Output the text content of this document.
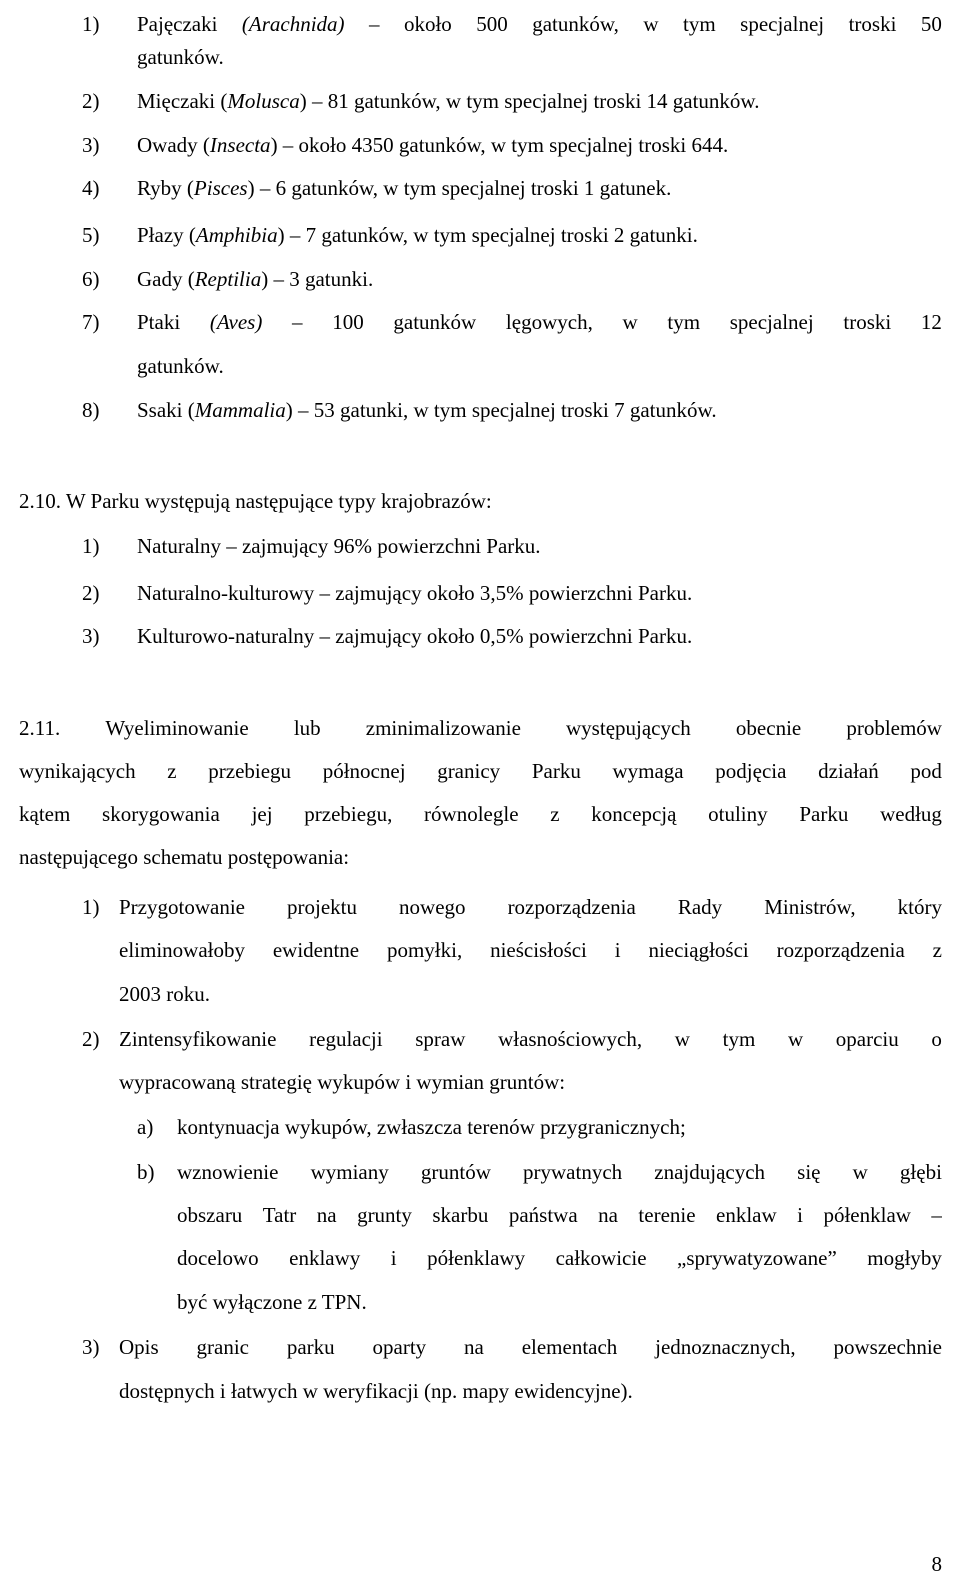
1) Pajęczaki (Arachnida) – około 500 gatunków, w tym specjalnej troski 50
gatunków.
2) Mięczaki (Molusca) – 81 gatunków, w tym specjalnej troski 14 gatunków.
3) Owady (Insecta) – około 4350 gatunków, w tym specjalnej troski 644.
4) Ryby (Pisces) – 6 gatunków, w tym specjalnej troski 1 gatunek.
5) Płazy (Amphibia) – 7 gatunków, w tym specjalnej troski 2 gatunki.
6) Gady (Reptilia) – 3 gatunki.
7) Ptaki (Aves) – 100 gatunków lęgowych, w tym specjalnej troski 12
gatunków.
8) Ssaki (Mammalia) – 53 gatunki, w tym specjalnej troski 7 gatunków.
2.10. W Parku występują następujące typy krajobrazów:
1) Naturalny – zajmujący 96% powierzchni Parku.
2) Naturalno-kulturowy – zajmujący około 3,5% powierzchni Parku.
3) Kulturowo-naturalny – zajmujący około 0,5% powierzchni Parku.
2.11. Wyeliminowanie lub zminimalizowanie występujących obecnie problemów
wynikających z przebiegu północnej granicy Parku wymaga podjęcia działań pod
kątem skorygowania jej przebiegu, równolegle z koncepcją otuliny Parku według
następującego schematu postępowania:
1) Przygotowanie projektu nowego rozporządzenia Rady Ministrów, który
eliminowałoby ewidentne pomyłki, nieścisłości i nieciągłości rozporządzenia z
2003 roku.
2) Zintensyfikowanie regulacji spraw własnościowych, w tym w oparciu o
wypracowaną strategię wykupów i wymian gruntów:
a) kontynuacja wykupów, zwłaszcza terenów przygranicznych;
b) wznowienie wymiany gruntów prywatnych znajdujących się w głębi
obszaru Tatr na grunty skarbu państwa na terenie enklaw i półenklaw –
docelowo enklawy i półenklawy całkowicie „sprywatyzowane” mogłyby
być wyłączone z TPN.
3) Opis granic parku oparty na elementach jednoznacznych, powszechnie
dostępnych i łatwych w weryfikacji (np. mapy ewidencyjne).
8
